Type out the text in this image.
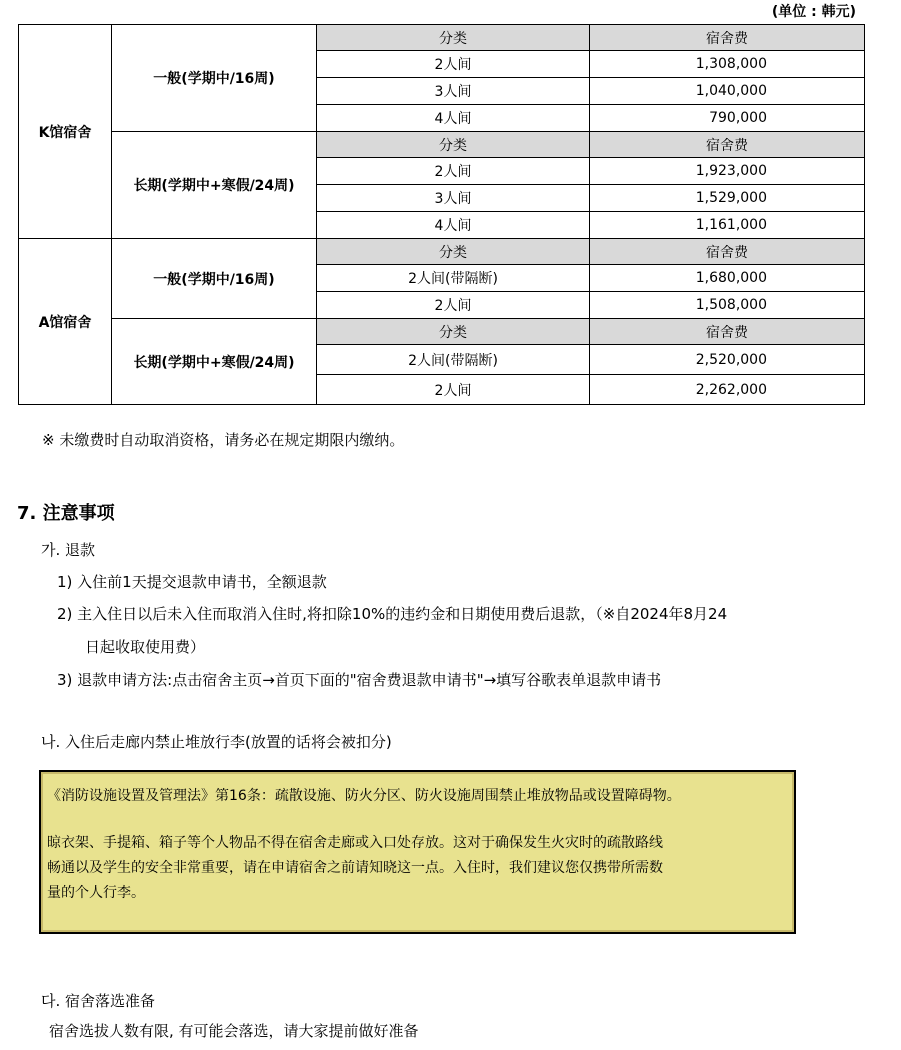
(单位 : 韩元)
K馆宿舍	一般(学期中/16周)	分类	宿舍费
		2人间	1,308,000
		3人间	1,040,000
		4人间	790,000
	长期(学期中+寒假/24周)	分类	宿舍费
		2人间	1,923,000
		3人间	1,529,000
		4人间	1,161,000
A馆宿舍	一般(学期中/16周)	分类	宿舍费
		2人间(带隔断)	1,680,000
		2人间	1,508,000
	长期(学期中+寒假/24周)	分类	宿舍费
		2人间(带隔断)	2,520,000
		2人间	2,262,000
※ 未缴费时自动取消资格，请务必在规定期限内缴纳。
7. 注意事项
가. 退款
1) 入住前1天提交退款申请书，全额退款
2) 主入住日以后未入住而取消入住时,将扣除10%的违约金和日期使用费后退款，（※自2024年8月24
日起收取使用费）
3) 退款申请方法:点击宿舍主页→首页下面的"宿舍费退款申请书"→填写谷歌表单退款申请书
나. 入住后走廊内禁止堆放行李(放置的话将会被扣分)

《消防设施设置及管理法》第16条：疏散设施、防火分区、防火设施周围禁止堆放物品或设置障碍物。

晾衣架、手提箱、箱子等个人物品不得在宿舍走廊或入口处存放。这对于确保发生火灾时的疏散路线

畅通以及学生的安全非常重要，请在申请宿舍之前请知晓这一点。入住时，我们建议您仅携带所需数

量的个人行李。

다. 宿舍落选准备
宿舍选拔人数有限, 有可能会落选，请大家提前做好准备
